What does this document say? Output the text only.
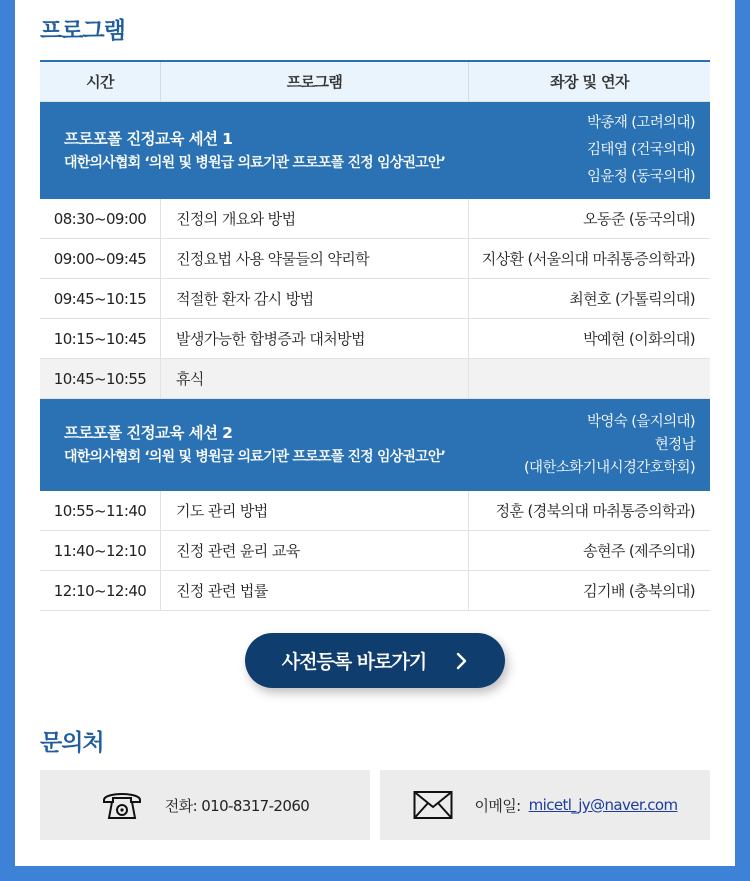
프로그램
시간	프로그램	좌장 및 연자
프로포폴 진정교육 세션 1
대한의사협회 ‘의원 및 병원급 의료기관 프로포폴 진정 임상권고안’
박종재 (고려의대)
김태엽 (건국의대)
임윤정 (동국의대)
08:30~09:00	진정의 개요와 방법	오동준 (동국의대)
09:00~09:45	진정요법 사용 약물들의 약리학	지상환 (서울의대 마취통증의학과)
09:45~10:15	적절한 환자 감시 방법	최현호 (가톨릭의대)
10:15~10:45	발생가능한 합병증과 대처방법	박예현 (이화의대)
10:45~10:55	휴식
프로포폴 진정교육 세션 2
대한의사협회 ‘의원 및 병원급 의료기관 프로포폴 진정 임상권고안’
박영숙 (을지의대)
현정남
(대한소화기내시경간호학회)
10:55~11:40	기도 관리 방법	정훈 (경북의대 마취통증의학과)
11:40~12:10	진정 관련 윤리 교육	송현주 (제주의대)
12:10~12:40	진정 관련 법률	김기배 (충북의대)
사전등록 바로가기
문의처
전화: 010-8317-2060	이메일: micetl_jy@naver.com
